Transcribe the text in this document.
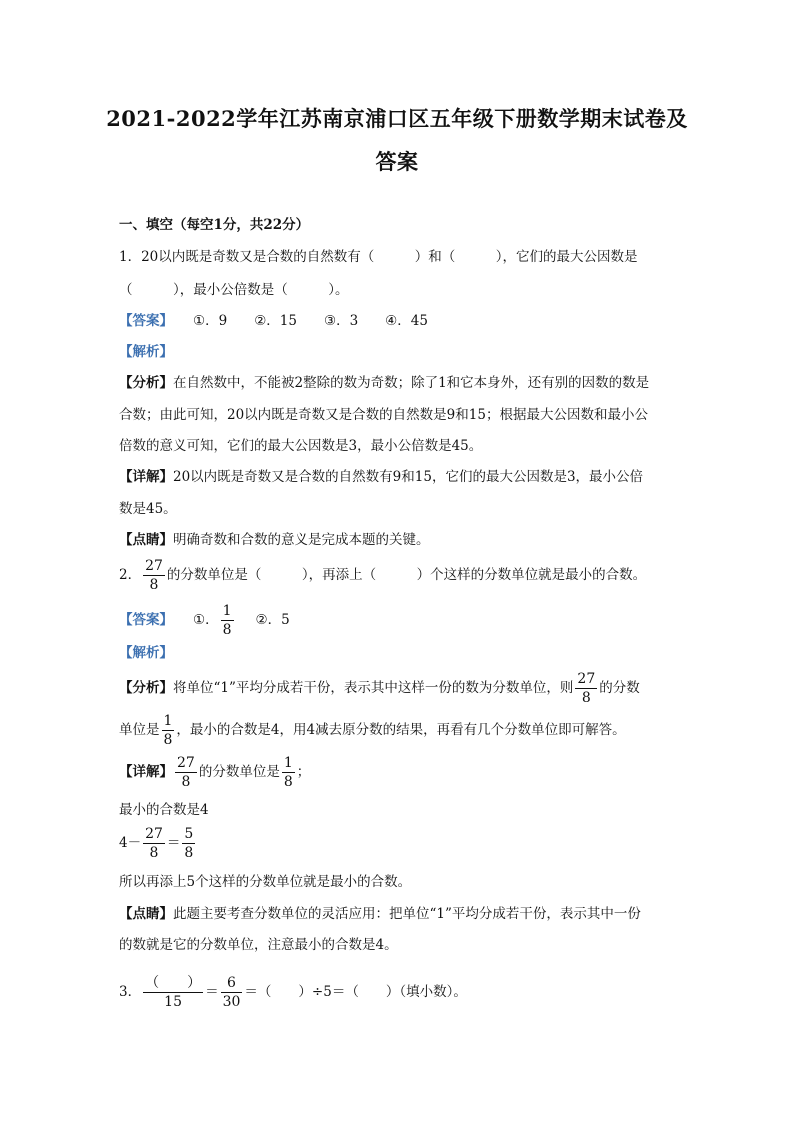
2021-2022学年江苏南京浦口区五年级下册数学期末试卷及
答案
一、填空（每空1分，共22分）
1．20以内既是奇数又是合数的自然数有（　　　）和（　　　），它们的最大公因数是
（　　　），最小公倍数是（　　　）。
【答案】 ①．9　　②．15　　③．3　　④．45
【解析】
【分析】在自然数中，不能被2整除的数为奇数；除了1和它本身外，还有别的因数的数是
合数；由此可知，20以内既是奇数又是合数的自然数是9和15；根据最大公因数和最小公
倍数的意义可知，它们的最大公因数是3，最小公倍数是45。
【详解】20以内既是奇数又是合数的自然数有9和15，它们的最大公因数是3，最小公倍
数是45。
【点睛】明确奇数和合数的意义是完成本题的关键。
2． $\frac{27}{8}$ 的分数单位是（　　　），再添上（　　　）个这样的分数单位就是最小的合数。
【答案】 ①． $\frac{1}{8}$ ②．5
【解析】
【分析】将单位“1”平均分成若干份，表示其中这样一份的数为分数单位，则 $\frac{27}{8}$ 的分数
单位是 $\frac{1}{8}$ ，最小的合数是4，用4减去原分数的结果，再看有几个分数单位即可解答。
【详解】 $\frac{27}{8}$ 的分数单位是 $\frac{1}{8}$ ；
最小的合数是4
$4- \frac{27}{8} = \frac{5}{8}$
所以再添上5个这样的分数单位就是最小的合数。
【点睛】此题主要考查分数单位的灵活应用：把单位“1”平均分成若干份，表示其中一份
的数就是它的分数单位，注意最小的合数是4。
3． $\frac{( )}{15} = \frac{6}{30}$ ＝（　　）÷5＝（　　）（填小数）。
